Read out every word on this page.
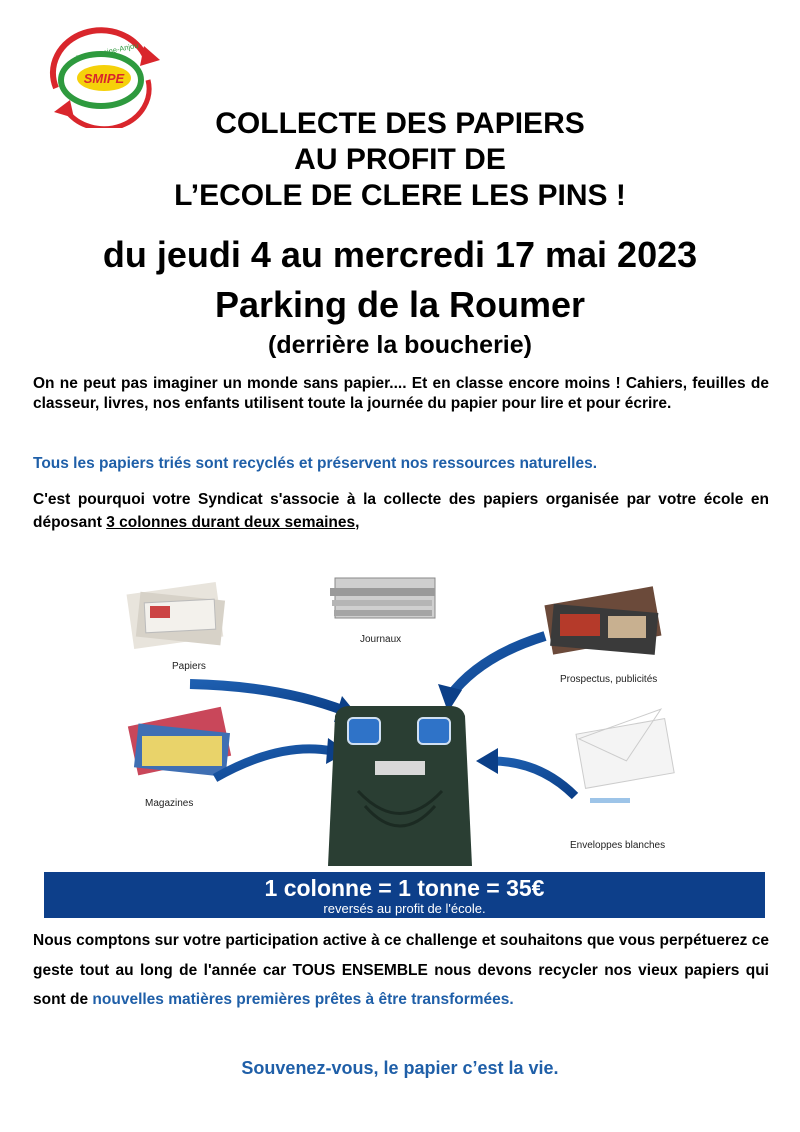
SMIPE
Val Touraine-Anjou
COLLECTE DES PAPIERS
AU PROFIT DE
L’ECOLE DE CLERE LES PINS !
du jeudi 4 au mercredi 17 mai 2023
Parking de la Roumer
(derrière la boucherie)
On ne peut pas imaginer un monde sans papier.... Et en classe encore moins ! Cahiers, feuilles de classeur, livres, nos enfants utilisent toute la journée du papier pour lire et pour écrire.
Tous les papiers triés sont recyclés et préservent nos ressources naturelles.
C'est pourquoi votre Syndicat s'associe à la collecte des papiers organisée par votre école en déposant 3 colonnes durant deux semaines,
Papiers
Journaux
Prospectus, publicités
Magazines
Enveloppes blanches
1 colonne = 1 tonne = 35€
reversés au profit de l'école.
Nous comptons sur votre participation active à ce challenge et souhaitons que vous perpétuerez ce geste tout au long de l'année car TOUS ENSEMBLE nous devons recycler nos vieux papiers qui sont de nouvelles matières premières prêtes à être transformées.
Souvenez-vous, le papier c’est la vie.
